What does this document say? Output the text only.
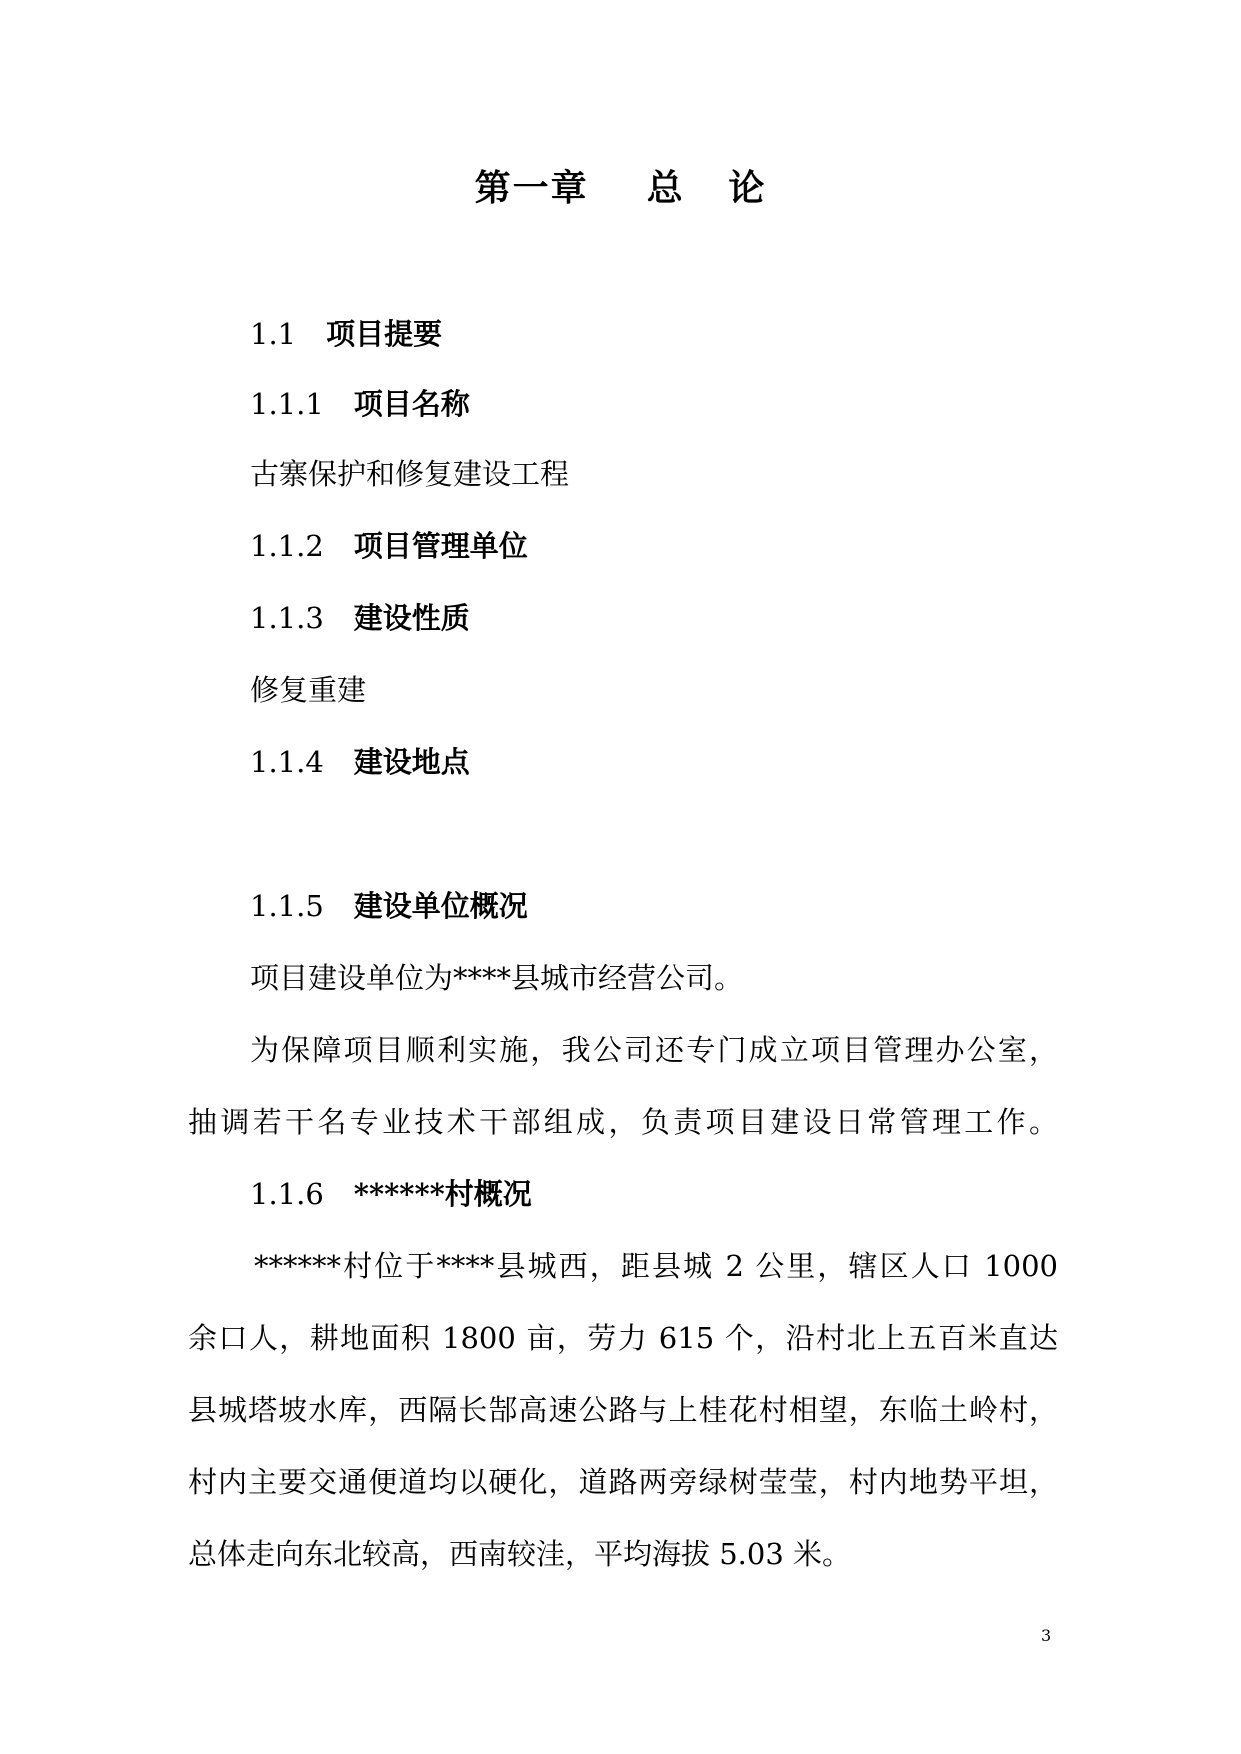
第一章    总   论
1.1 项目提要
1.1.1 项目名称
古寨保护和修复建设工程
1.1.2 项目管理单位
1.1.3 建设性质
修复重建
1.1.4 建设地点
1.1.5 建设单位概况
项目建设单位为****县城市经营公司。
为保障项目顺利实施，我公司还专门成立项目管理办公室，
抽调若干名专业技术干部组成，负责项目建设日常管理工作。
1.1.6 ******村概况
******村位于****县城西，距县城 2 公里，辖区人口 1000
余口人，耕地面积 1800 亩，劳力 615 个，沿村北上五百米直达
县城塔坡水库，西隔长郜高速公路与上桂花村相望，东临土岭村，
村内主要交通便道均以硬化，道路两旁绿树莹莹，村内地势平坦，
总体走向东北较高，西南较洼，平均海拔 5.03 米。
3
